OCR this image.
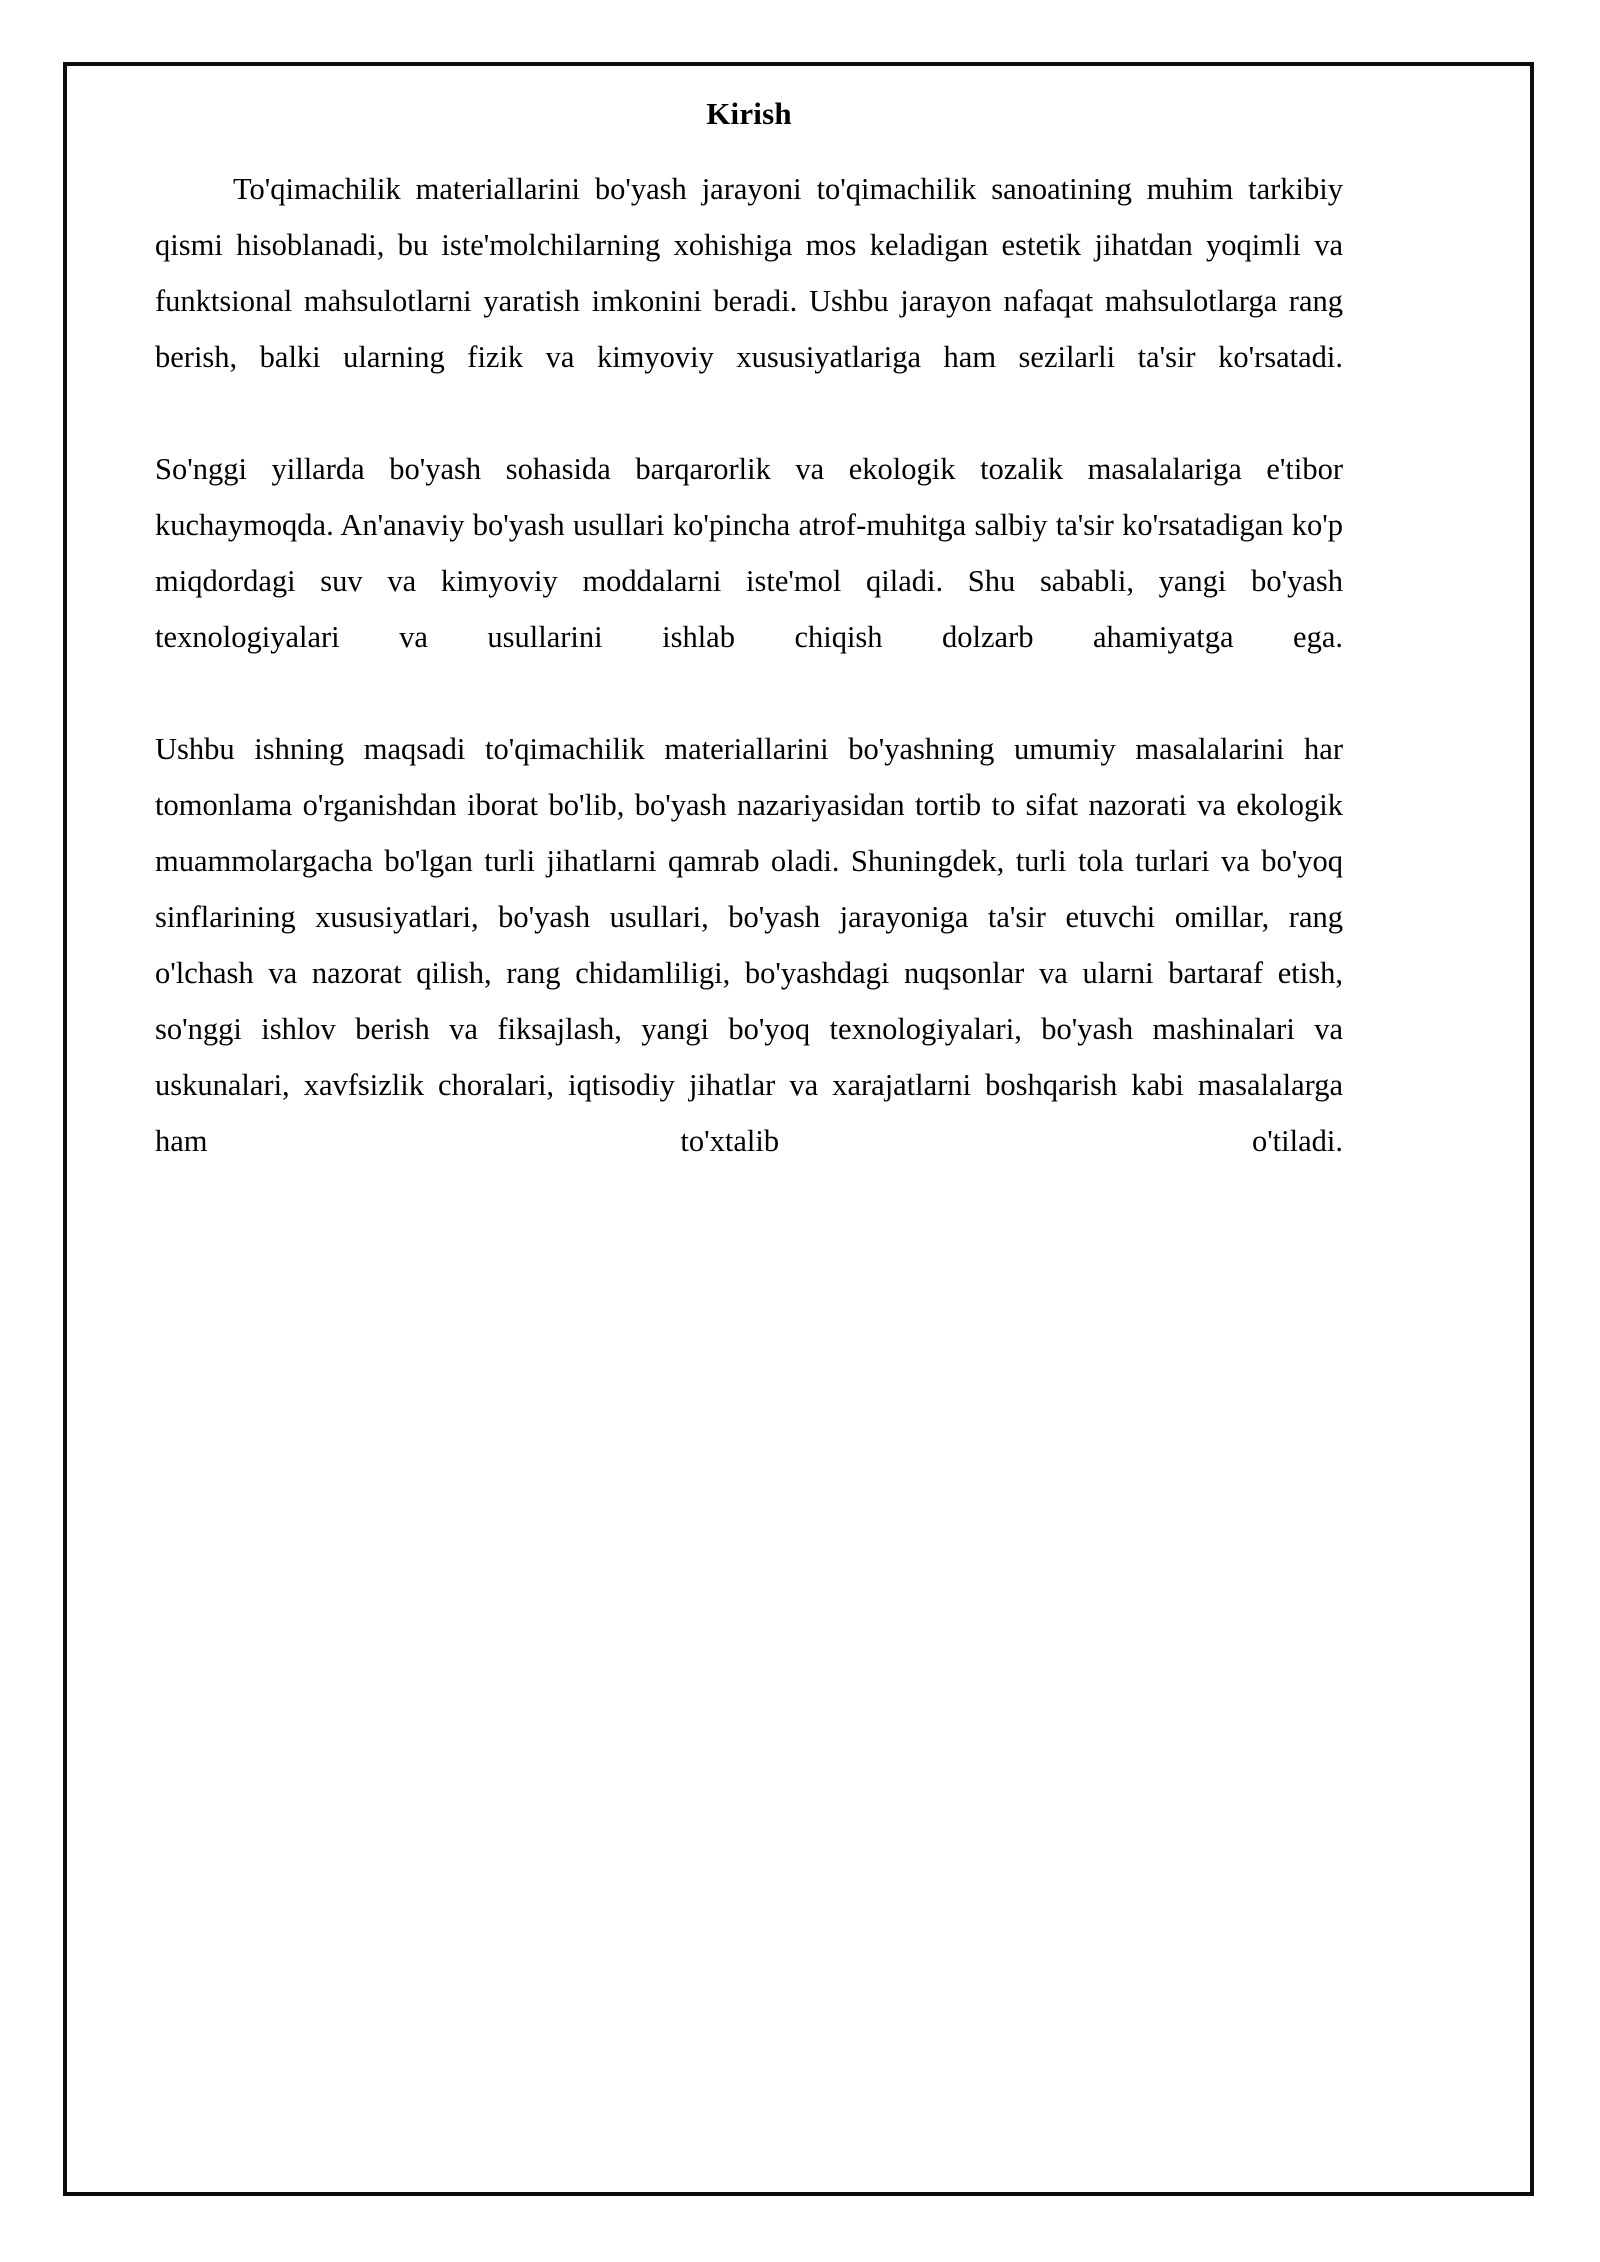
Kirish

To'qimachilik materiallarini bo'yash jarayoni to'qimachilik sanoatining muhim tarkibiy qismi hisoblanadi, bu iste'molchilarning xohishiga mos keladigan estetik jihatdan yoqimli va funktsional mahsulotlarni yaratish imkonini beradi. Ushbu jarayon nafaqat mahsulotlarga rang berish, balki ularning fizik va kimyoviy xususiyatlariga ham sezilarli ta'sir ko'rsatadi.

So'nggi yillarda bo'yash sohasida barqarorlik va ekologik tozalik masalalariga e'tibor kuchaymoqda. An'anaviy bo'yash usullari ko'pincha atrof-muhitga salbiy ta'sir ko'rsatadigan ko'p miqdordagi suv va kimyoviy moddalarni iste'mol qiladi. Shu sababli, yangi bo'yash texnologiyalari va usullarini ishlab chiqish dolzarb ahamiyatga ega.

Ushbu ishning maqsadi to'qimachilik materiallarini bo'yashning umumiy masalalarini har tomonlama o'rganishdan iborat bo'lib, bo'yash nazariyasidan tortib to sifat nazorati va ekologik muammolargacha bo'lgan turli jihatlarni qamrab oladi. Shuningdek, turli tola turlari va bo'yoq sinflarining xususiyatlari, bo'yash usullari, bo'yash jarayoniga ta'sir etuvchi omillar, rang o'lchash va nazorat qilish, rang chidamliligi, bo'yashdagi nuqsonlar va ularni bartaraf etish, so'nggi ishlov berish va fiksajlash, yangi bo'yoq texnologiyalari, bo'yash mashinalari va uskunalari, xavfsizlik choralari, iqtisodiy jihatlar va xarajatlarni boshqarish kabi masalalarga ham to'xtalib o'tiladi.
